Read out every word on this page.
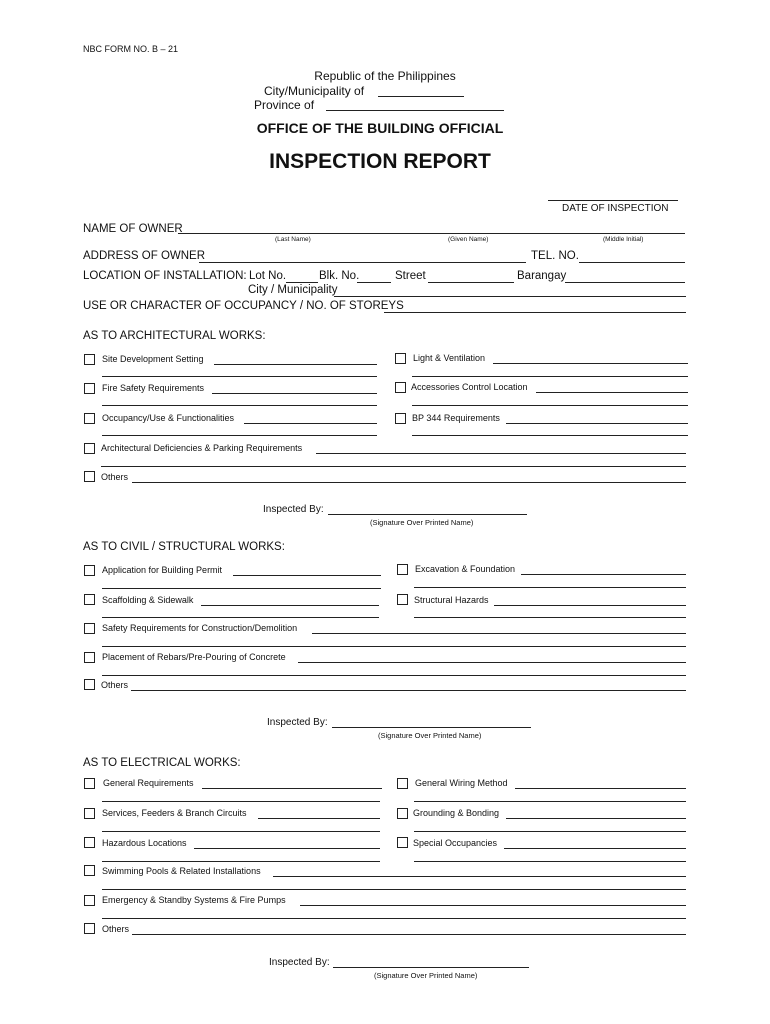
NBC FORM NO. B – 21
Republic of the Philippines
City/Municipality of
Province of
OFFICE OF THE BUILDING OFFICIAL
INSPECTION REPORT
DATE OF INSPECTION
NAME OF OWNER
(Last Name)	(Given Name)	(Middle Initial)
ADDRESS OF OWNER	TEL. NO.
LOCATION OF INSTALLATION: Lot No.	Blk. No.	Street	Barangay
City / Municipality
USE OR CHARACTER OF OCCUPANCY / NO. OF STOREYS
AS TO ARCHITECTURAL WORKS:
Site Development Setting	Light & Ventilation
Fire Safety Requirements	Accessories Control Location
Occupancy/Use & Functionalities	BP 344 Requirements
Architectural Deficiencies & Parking Requirements
Others
Inspected By:
(Signature Over Printed Name)
AS TO CIVIL / STRUCTURAL WORKS:
Application for Building Permit	Excavation & Foundation
Scaffolding & Sidewalk	Structural Hazards
Safety Requirements for Construction/Demolition
Placement of Rebars/Pre-Pouring of Concrete
Others
Inspected By:
(Signature Over Printed Name)
AS TO ELECTRICAL WORKS:
General Requirements	General Wiring Method
Services, Feeders & Branch Circuits	Grounding & Bonding
Hazardous Locations	Special Occupancies
Swimming Pools & Related Installations
Emergency & Standby Systems & Fire Pumps
Others
Inspected By:
(Signature Over Printed Name)
